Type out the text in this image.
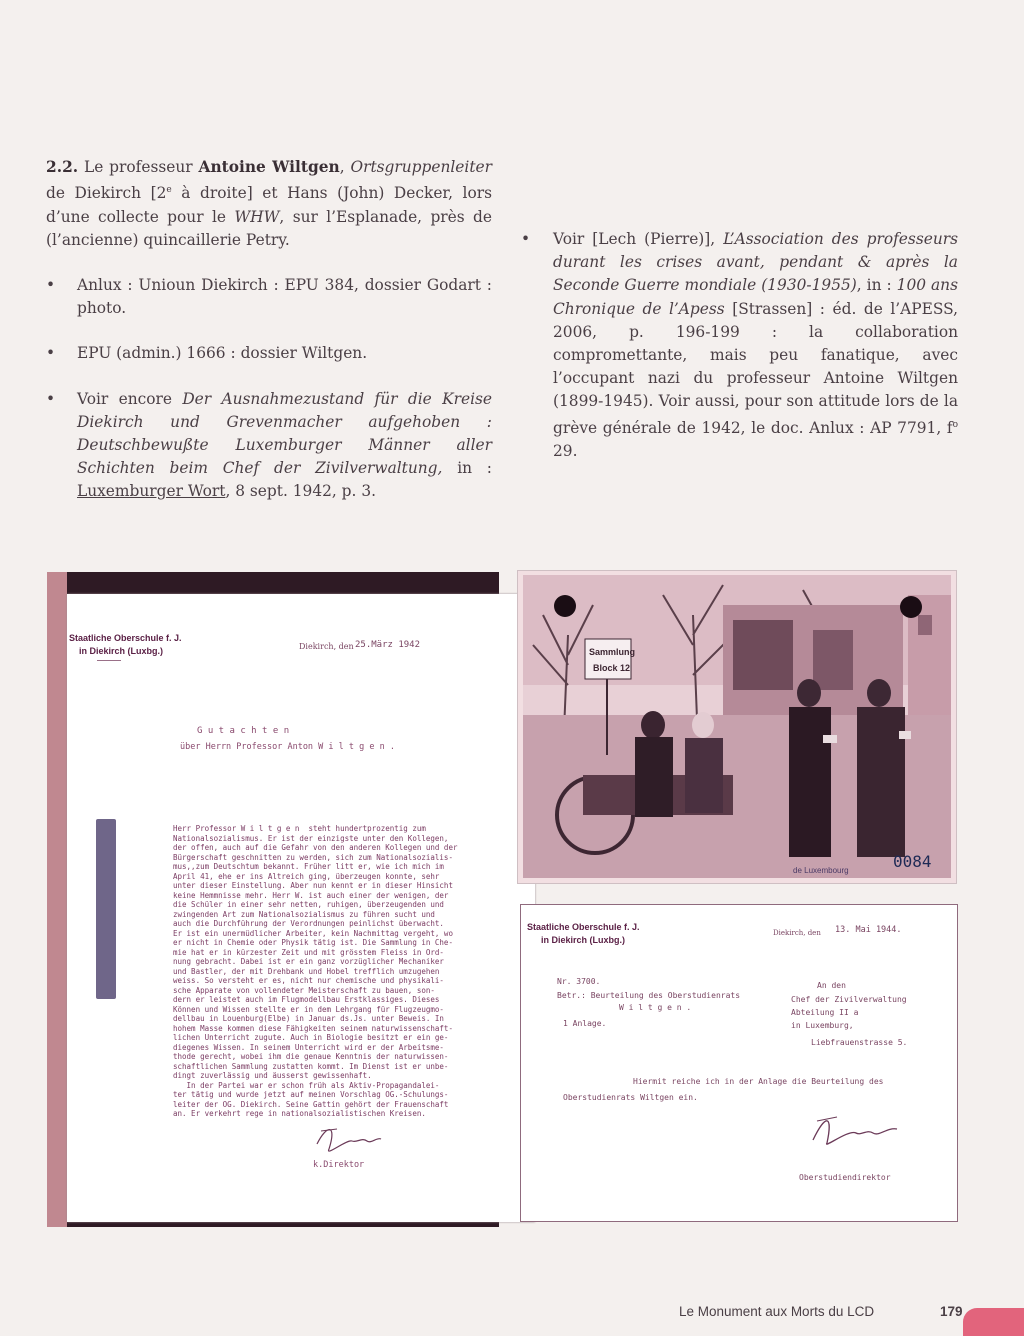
2.2. Le professeur Antoine Wiltgen, Ortsgruppenleiter de Diekirch [2e à droite] et Hans (John) Decker, lors d’une collecte pour le WHW, sur l’Esplanade, près de (l’ancienne) quincaillerie Petry.

• Anlux : Unioun Diekirch : EPU 384, dossier Godart : photo.

• EPU (admin.) 1666 : dossier Wiltgen.

• Voir encore Der Ausnahmezustand für die Kreise Diekirch und Grevenmacher aufgehoben : Deutschbewußte Luxemburger Männer aller Schichten beim Chef der Zivilverwaltung, in : Luxemburger Wort, 8 sept. 1942, p. 3.

• Voir [Lech (Pierre)], L’Association des professeurs durant les crises avant, pendant & après la Seconde Guerre mondiale (1930-1955), in : 100 ans Chronique de l’Apess [Strassen] : éd. de l’APESS, 2006, p. 196-199 : la collaboration compromettante, mais peu fanatique, avec l’occupant nazi du professeur Antoine Wiltgen (1899-1945). Voir aussi, pour son attitude lors de la grève générale de 1942, le doc. Anlux : AP 7791, $f^o$ 29.

Staatliche Oberschule f. J.
in Diekirch (Luxbg.)	Diekirch, den 25.März 1942
G u t a c h t e n
über Herrn Professor Anton W i l t g e n .
Herr Professor W i l t g e n  steht hundertprozentig zum
Nationalsozialismus. Er ist der einzigste unter den Kollegen,
der offen, auch auf die Gefahr von den anderen Kollegen und der
Bürgerschaft geschnitten zu werden, sich zum Nationalsozialis-
mus,,zum Deutschtum bekannt. Früher litt er, wie ich mich im
April 41, ehe er ins Altreich ging, überzeugen konnte, sehr
unter dieser Einstellung. Aber nun kennt er in dieser Hinsicht
keine Hemmnisse mehr. Herr W. ist auch einer der wenigen, der
die Schüler in einer sehr netten, ruhigen, überzeugenden und
zwingenden Art zum Nationalsozialismus zu führen sucht und
auch die Durchführung der Verordnungen peinlichst überwacht.
Er ist ein unermüdlicher Arbeiter, kein Nachmittag vergeht, wo
er nicht in Chemie oder Physik tätig ist. Die Sammlung in Che-
mie hat er in kürzester Zeit und mit grösstem Fleiss in Ord-
nung gebracht. Dabei ist er ein ganz vorzüglicher Mechaniker
und Bastler, der mit Drehbank und Hobel trefflich umzugehen
weiss. So versteht er es, nicht nur chemische und physikali-
sche Apparate von vollendeter Meisterschaft zu bauen, son-
dern er leistet auch im Flugmodellbau Erstklassiges. Dieses
Können und Wissen stellte er in dem Lehrgang für Flugzeugmo-
dellbau in Louenburg(Elbe) in Januar ds.Js. unter Beweis. In
hohem Masse kommen diese Fähigkeiten seinem naturwissenschaft-
lichen Unterricht zugute. Auch in Biologie besitzt er ein ge-
diegenes Wissen. In seinem Unterricht wird er der Arbeitsme-
thode gerecht, wobei ihm die genaue Kenntnis der naturwissen-
schaftlichen Sammlung zustatten kommt. Im Dienst ist er unbe-
dingt zuverlässig und äusserst gewissenhaft.
In der Partei war er schon früh als Aktiv-Propagandalei-
ter tätig und wurde jetzt auf meinen Vorschlag OG.-Schulungs-
leiter der OG. Diekirch. Seine Gattin gehört der Frauenschaft
an. Er verkehrt rege in nationalsozialistischen Kreisen.
k.Direktor
Sammlung
Block 12
0084
de Luxembourg
Staatliche Oberschule f. J.
in Diekirch (Luxbg.)
Diekirch, den 13. Mai 1944.
Nr. 3700.
Betr.: Beurteilung des Oberstudienrats
W i l t g e n .
1 Anlage.
An den
Chef der Zivilverwaltung
Abteilung II a
in Luxemburg,
Liebfrauenstrasse 5.
Hiermit reiche ich in der Anlage die Beurteilung des
Oberstudienrats Wiltgen ein.
Oberstudiendirektor
Le Monument aux Morts du LCD	179
